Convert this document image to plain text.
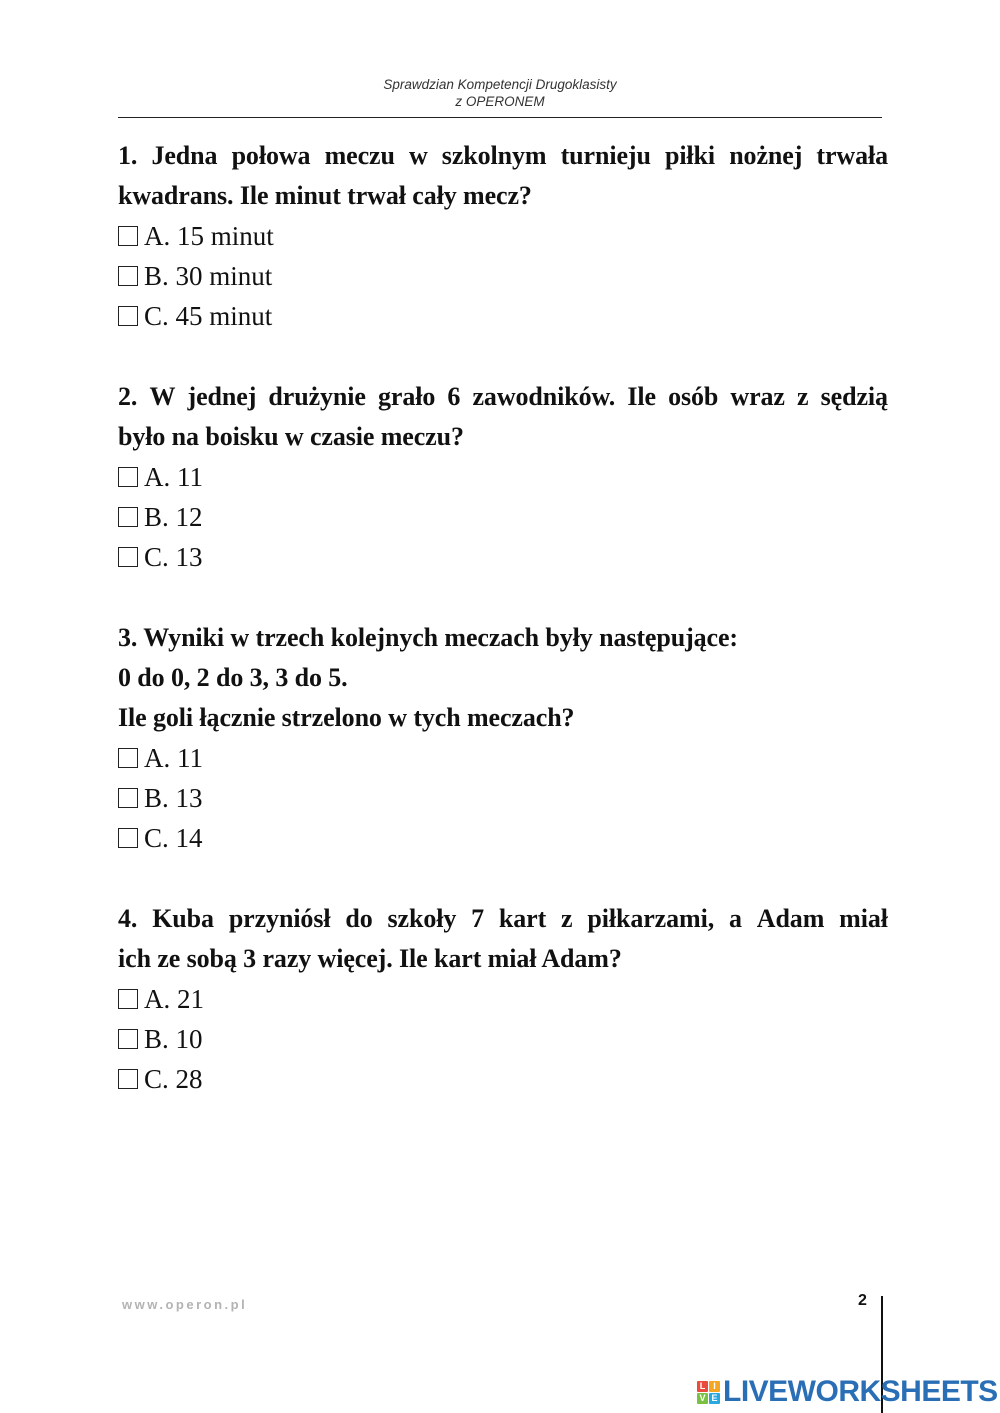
Sprawdzian Kompetencji Drugoklasisty
z OPERONEM
1. Jedna połowa meczu w szkolnym turnieju piłki nożnej trwała
kwadrans. Ile minut trwał cały mecz?
A. 15 minut
B. 30 minut
C. 45 minut
2. W jednej drużynie grało 6 zawodników. Ile osób wraz z sędzią
było na boisku w czasie meczu?
A. 11
B. 12
C. 13
3. Wyniki w trzech kolejnych meczach były następujące:
0 do 0, 2 do 3, 3 do 5.
Ile goli łącznie strzelono w tych meczach?
A. 11
B. 13
C. 14
4. Kuba przyniósł do szkoły 7 kart z piłkarzami, a Adam miał
ich ze sobą 3 razy więcej. Ile kart miał Adam?
A. 21
B. 10
C. 28
www.operon.pl	2
L I
V E LIVEWORKSHEETS
